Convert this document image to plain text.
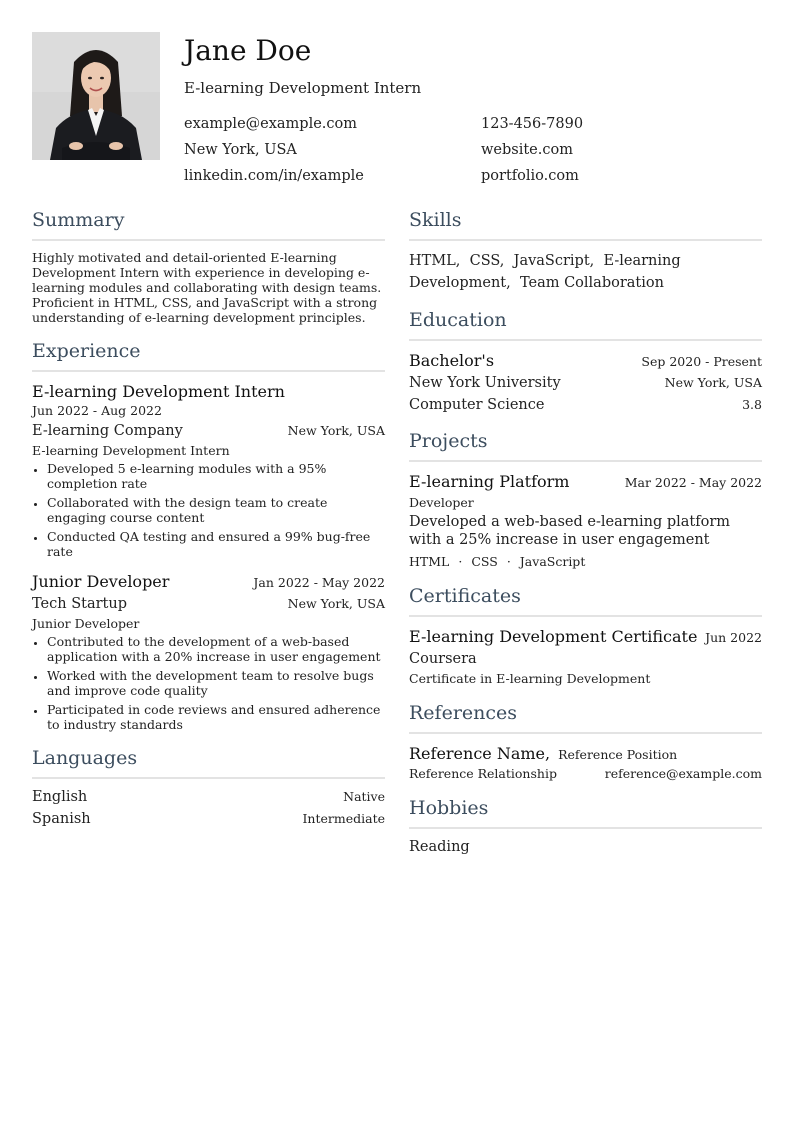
Jane Doe
E-learning Development Intern
example@example.com	123-456-7890
New York, USA	website.com
linkedin.com/in/example	portfolio.com
Summary
Highly motivated and detail-oriented E-learning Development Intern with experience in developing e-learning modules and collaborating with design teams. Proficient in HTML, CSS, and JavaScript with a strong understanding of e-learning development principles.
Experience
E-learning Development Intern
Jun 2022 - Aug 2022
E-learning Company	New York, USA
E-learning Development Intern
• Developed 5 e-learning modules with a 95% completion rate
• Collaborated with the design team to create engaging course content
• Conducted QA testing and ensured a 99% bug-free rate
Junior Developer	Jan 2022 - May 2022
Tech Startup	New York, USA
Junior Developer
• Contributed to the development of a web-based application with a 20% increase in user engagement
• Worked with the development team to resolve bugs and improve code quality
• Participated in code reviews and ensured adherence to industry standards
Languages
English	Native
Spanish	Intermediate
Skills
HTML,  CSS,  JavaScript,  E-learning Development,  Team Collaboration
Education
Bachelor's	Sep 2020 - Present
New York University	New York, USA
Computer Science	3.8
Projects
E-learning Platform	Mar 2022 - May 2022
Developer
Developed a web-based e-learning platform with a 25% increase in user engagement
HTML · CSS · JavaScript
Certificates
E-learning Development Certificate Jun 2022
Coursera
Certificate in E-learning Development
References
Reference Name, Reference Position
Reference Relationship	reference@example.com
Hobbies
Reading
